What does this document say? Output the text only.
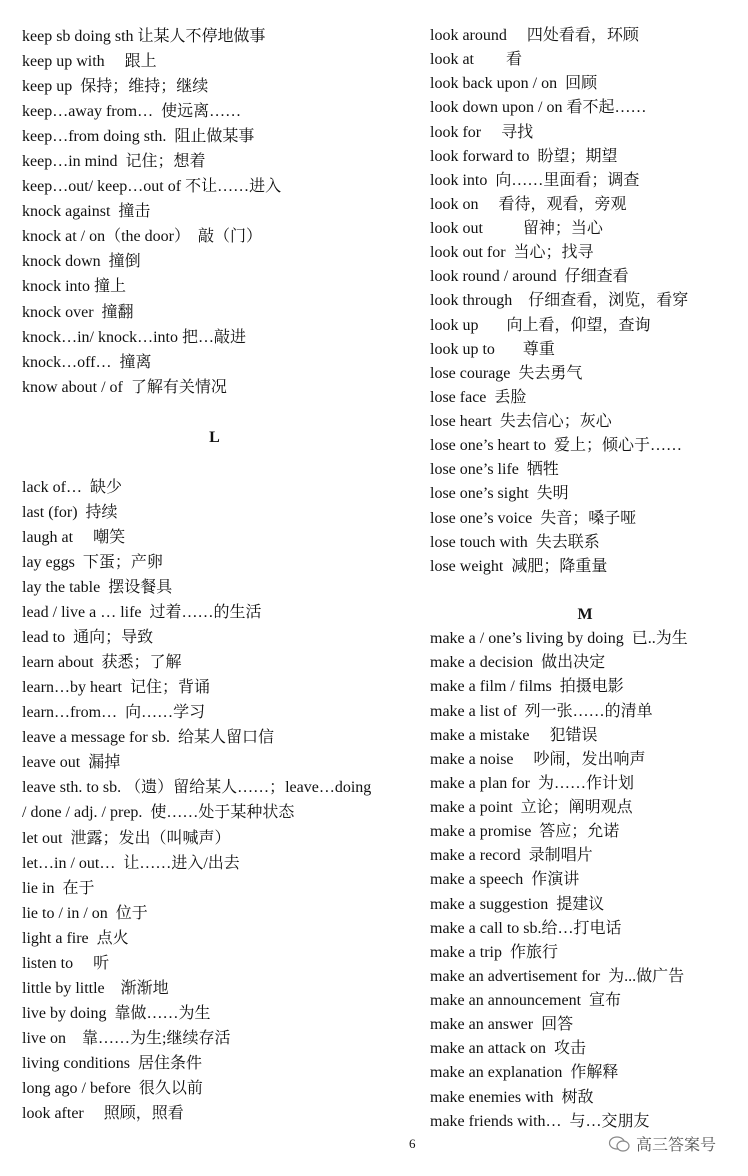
keep sb doing sth 让某人不停地做事
keep up with     跟上
keep up  保持；维持；继续
keep…away from…  使远离……
keep…from doing sth.  阻止做某事
keep…in mind  记住；想着
keep…out/ keep…out of 不让……进入
knock against  撞击
knock at / on（the door）  敲（门）
knock down  撞倒
knock into 撞上
knock over  撞翻
knock…in/ knock…into 把…敲进
knock…off…  撞离
know about / of  了解有关情况

L

lack of…  缺少
last (for)  持续
laugh at     嘲笑
lay eggs  下蛋；产卵
lay the table  摆设餐具
lead / live a … life  过着……的生活
lead to  通向；导致
learn about  获悉；了解
learn…by heart  记住；背诵
learn…from…  向……学习
leave a message for sb.  给某人留口信
leave out  漏掉
leave sth. to sb. （遗）留给某人……；leave…doing
/ done / adj. / prep.  使……处于某种状态
let out  泄露；发出（叫喊声）
let…in / out…  让……进入/出去
lie in  在于
lie to / in / on  位于
light a fire  点火
listen to     听
little by little    渐渐地
live by doing  靠做……为生
live on    靠……为生;继续存活
living conditions  居住条件
long ago / before  很久以前
look after     照顾，照看
look around     四处看看，环顾
look at        看
look back upon / on  回顾
look down upon / on 看不起……
look for     寻找
look forward to  盼望；期望
look into  向……里面看；调查
look on     看待，观看，旁观
look out          留神；当心
look out for  当心；找寻
look round / around  仔细查看
look through    仔细查看，浏览，看穿
look up       向上看，仰望，查询
look up to       尊重
lose courage  失去勇气
lose face  丢脸
lose heart  失去信心；灰心
lose one’s heart to  爱上；倾心于……
lose one’s life  牺牲
lose one’s sight  失明
lose one’s voice  失音；嗓子哑
lose touch with  失去联系
lose weight  减肥；降重量

M
make a / one’s living by doing  已..为生
make a decision  做出决定
make a film / films  拍摄电影
make a list of  列一张……的清单
make a mistake     犯错误
make a noise     吵闹，发出响声
make a plan for  为……作计划
make a point  立论；阐明观点
make a promise  答应；允诺
make a record  录制唱片
make a speech  作演讲
make a suggestion  提建议
make a call to sb.给…打电话
make a trip  作旅行
make an advertisement for  为...做广告
make an announcement  宣布
make an answer  回答
make an attack on  攻击
make an explanation  作解释
make enemies with  树敌
make friends with…  与…交朋友
6	高三答案号
